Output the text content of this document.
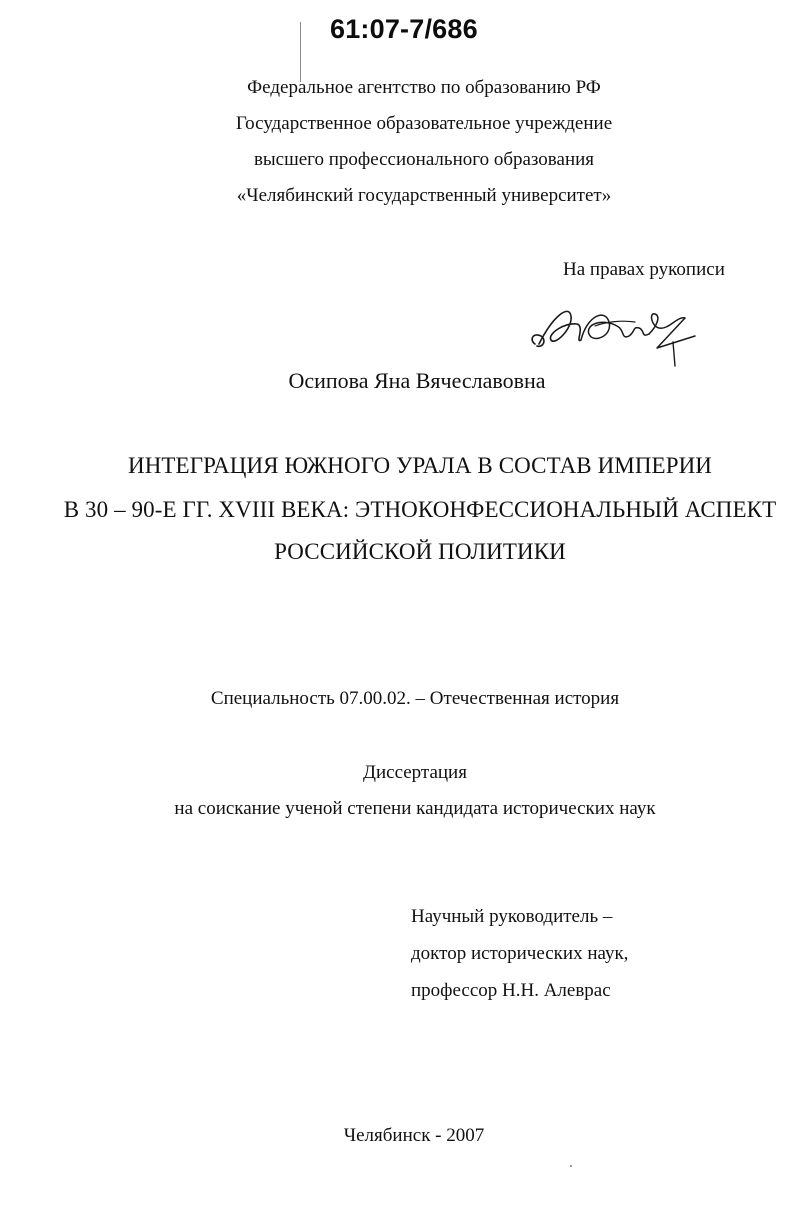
61:07-7/686
Федеральное агентство по образованию РФ
Государственное образовательное учреждение
высшего профессионального образования
«Челябинский государственный университет»
На правах рукописи
Осипова Яна Вячеславовна
ИНТЕГРАЦИЯ ЮЖНОГО УРАЛА В СОСТАВ ИМПЕРИИ
В 30 – 90-Е ГГ. XVIII ВЕКА: ЭТНОКОНФЕССИОНАЛЬНЫЙ АСПЕКТ
РОССИЙСКОЙ ПОЛИТИКИ
Специальность 07.00.02. – Отечественная история
Диссертация
на соискание ученой степени кандидата исторических наук
Научный руководитель –
доктор исторических наук,
профессор Н.Н. Алеврас
Челябинск - 2007
